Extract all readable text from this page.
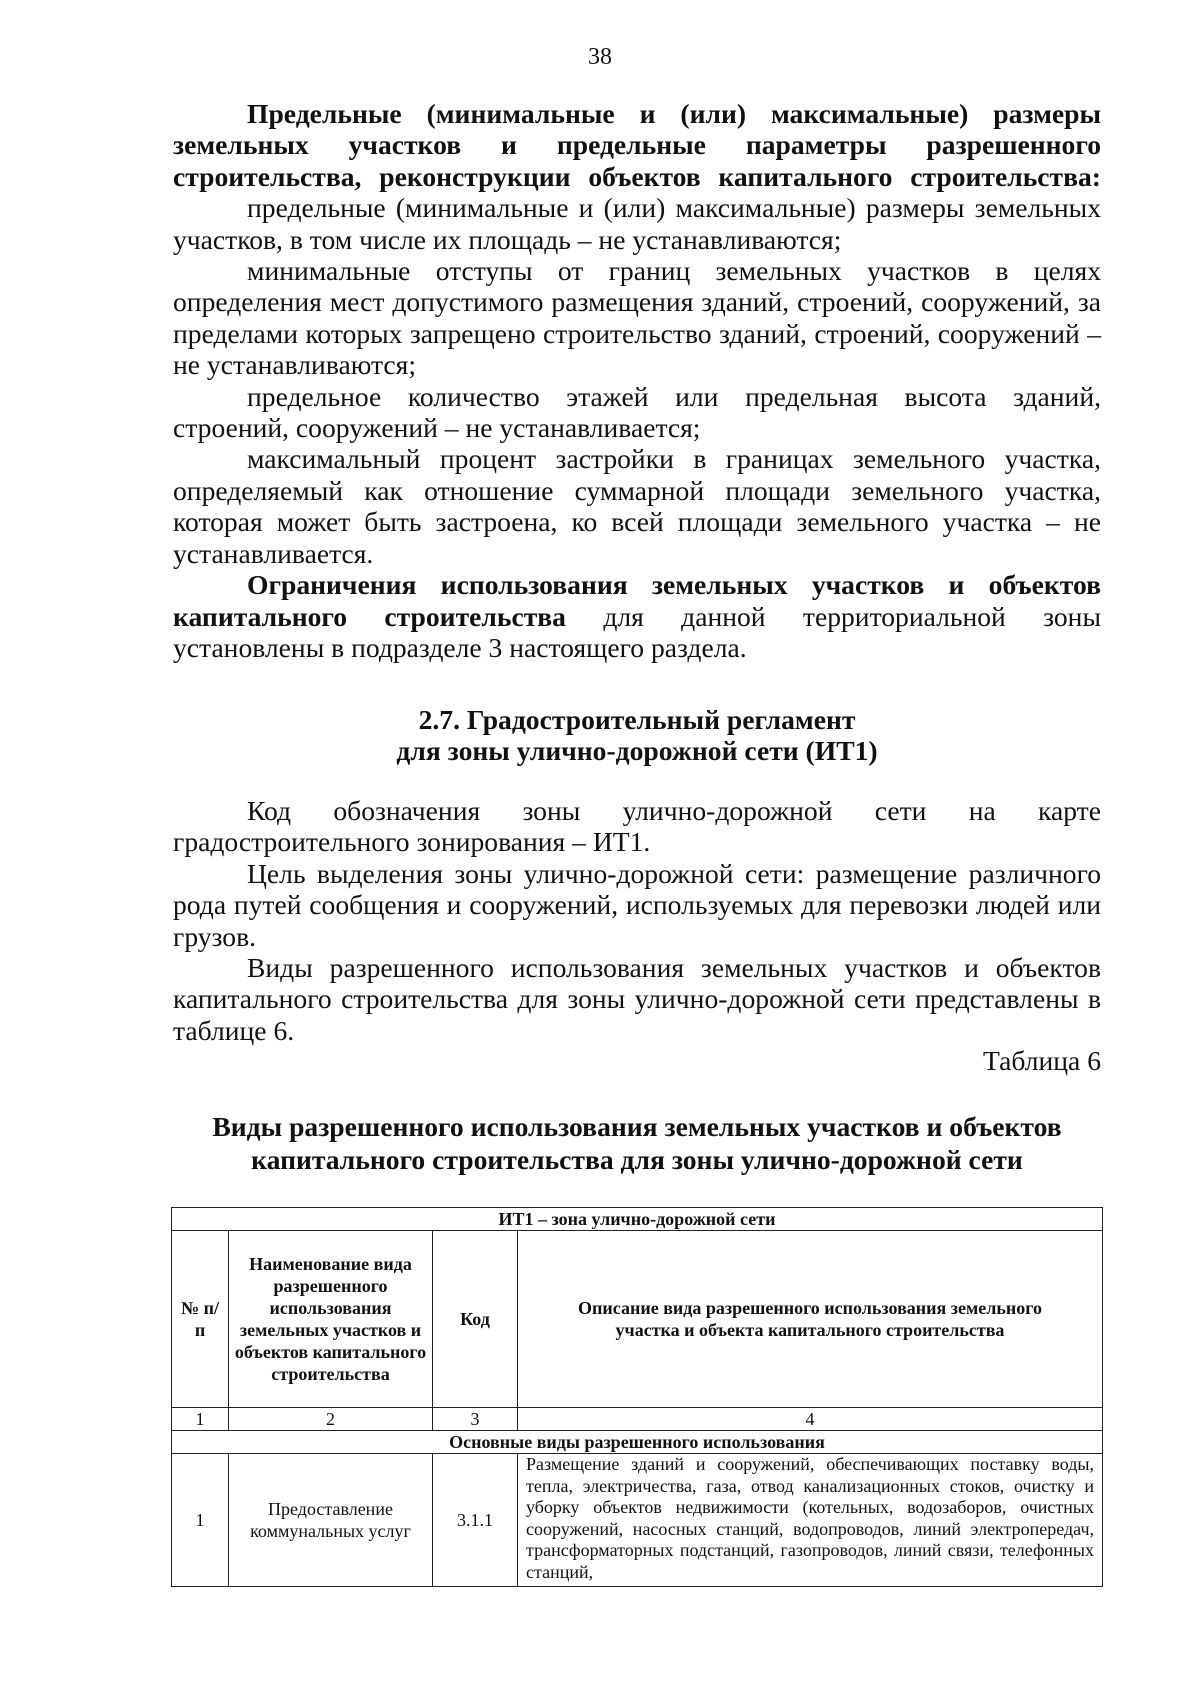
38

Предельные (минимальные и (или) максимальные) размеры земельных участков и предельные параметры разрешенного строительства, реконструкции объектов капитального строительства:

предельные (минимальные и (или) максимальные) размеры земельных участков, в том числе их площадь – не устанавливаются;

минимальные отступы от границ земельных участков в целях определения мест допустимого размещения зданий, строений, сооружений, за пределами которых запрещено строительство зданий, строений, сооружений – не устанавливаются;

предельное количество этажей или предельная высота зданий, строений, сооружений – не устанавливается;

максимальный процент застройки в границах земельного участка, определяемый как отношение суммарной площади земельного участка, которая может быть застроена, ко всей площади земельного участка – не устанавливается.

Ограничения использования земельных участков и объектов капитального строительства для данной территориальной зоны установлены в подразделе 3 настоящего раздела.

2.7. Градостроительный регламент

для зоны улично-дорожной сети (ИТ1)

Код обозначения зоны улично-дорожной сети на карте градостроительного зонирования – ИТ1.

Цель выделения зоны улично-дорожной сети: размещение различного рода путей сообщения и сооружений, используемых для перевозки людей или грузов.

Виды разрешенного использования земельных участков и объектов капитального строительства для зоны улично-дорожной сети представлены в таблице 6.

Таблица 6

Виды разрешенного использования земельных участков и объектов

капитального строительства для зоны улично-дорожной сети

ИТ1 – зона улично-дорожной сети			
№ п/п	Наименование вида разрешенного использования земельных участков и объектов капитального строительства	Код	Описание вида разрешенного использования земельного участка и объекта капитального строительства
1	2	3	4
Основные виды разрешенного использования			
1	Предоставление коммунальных услуг	3.1.1	Размещение зданий и сооружений, обеспечивающих поставку воды, тепла, электричества, газа, отвод канализационных стоков, очистку и уборку объектов недвижимости (котельных, водозаборов, очистных сооружений, насосных станций, водопроводов, линий электропередач, трансформаторных подстанций, газопроводов, линий связи, телефонных станций,
